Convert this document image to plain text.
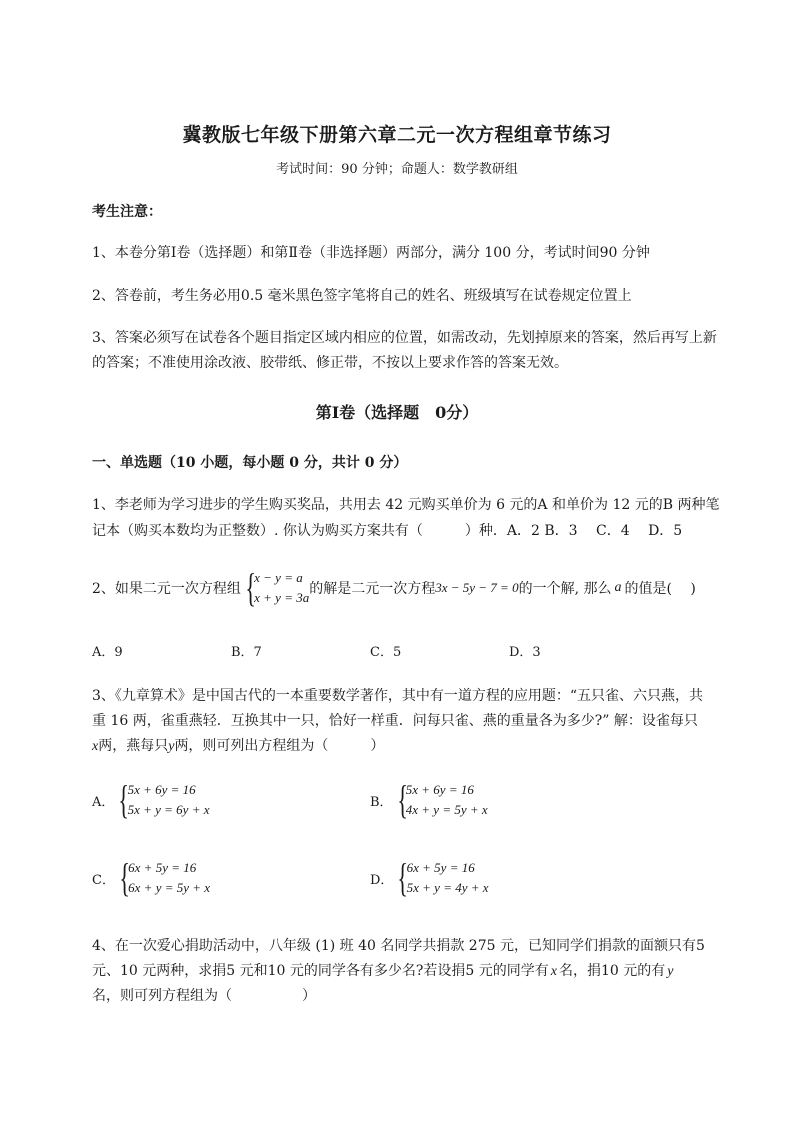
冀教版七年级下册第六章二元一次方程组章节练习
考试时间：90 分钟；命题人：数学教研组
考生注意：
1、本卷分第Ⅰ卷（选择题）和第Ⅱ卷（非选择题）两部分，满分 100 分，考试时间90 分钟
2、答卷前，考生务必用0.5 毫米黑色签字笔将自己的姓名、班级填写在试卷规定位置上
3、答案必须写在试卷各个题目指定区域内相应的位置，如需改动，先划掉原来的答案，然后再写上新
的答案；不准使用涂改液、胶带纸、修正带，不按以上要求作答的答案无效。
第Ⅰ卷（选择题　0分）
一、单选题（10 小题，每小题 0 分，共计 0 分）
1、李老师为学习进步的学生购买奖品，共用去 42 元购买单价为 6 元的A 和单价为 12 元的B 两种笔
记本（购买本数均为正整数）. 你认为购买方案共有（　　　）种．A．2 B．3　 C．4　 D．5
2、如果二元一次方程组 {
x − y = a
x + y = 3a
的解是二元一次方程 3x − 5y − 7 = 0 的一个解, 那么 a 的值是(　 )
A．9	B．7	C．5	D．3
3、《九章算术》是中国古代的一本重要数学著作，其中有一道方程的应用题：“五只雀、六只燕，共
重 16 两，雀重燕轻．互换其中一只，恰好一样重．问每只雀、燕的重量各为多少?” 解：设雀每只
x两，燕每只y两，则可列出方程组为（　　　）
A． {
5x + 6y = 16
5x + y = 6y + x	B． {
5x + 6y = 16
4x + y = 5y + x
C． {
6x + 5y = 16
6x + y = 5y + x	D． {
6x + 5y = 16
5x + y = 4y + x
4、在一次爱心捐助活动中，八年级 (1) 班 40 名同学共捐款 275 元，已知同学们捐款的面额只有5
元、10 元两种，求捐5 元和10 元的同学各有多少名?若设捐5 元的同学有 x 名，捐10 元的有 y
名，则可列方程组为（　　　　　）
